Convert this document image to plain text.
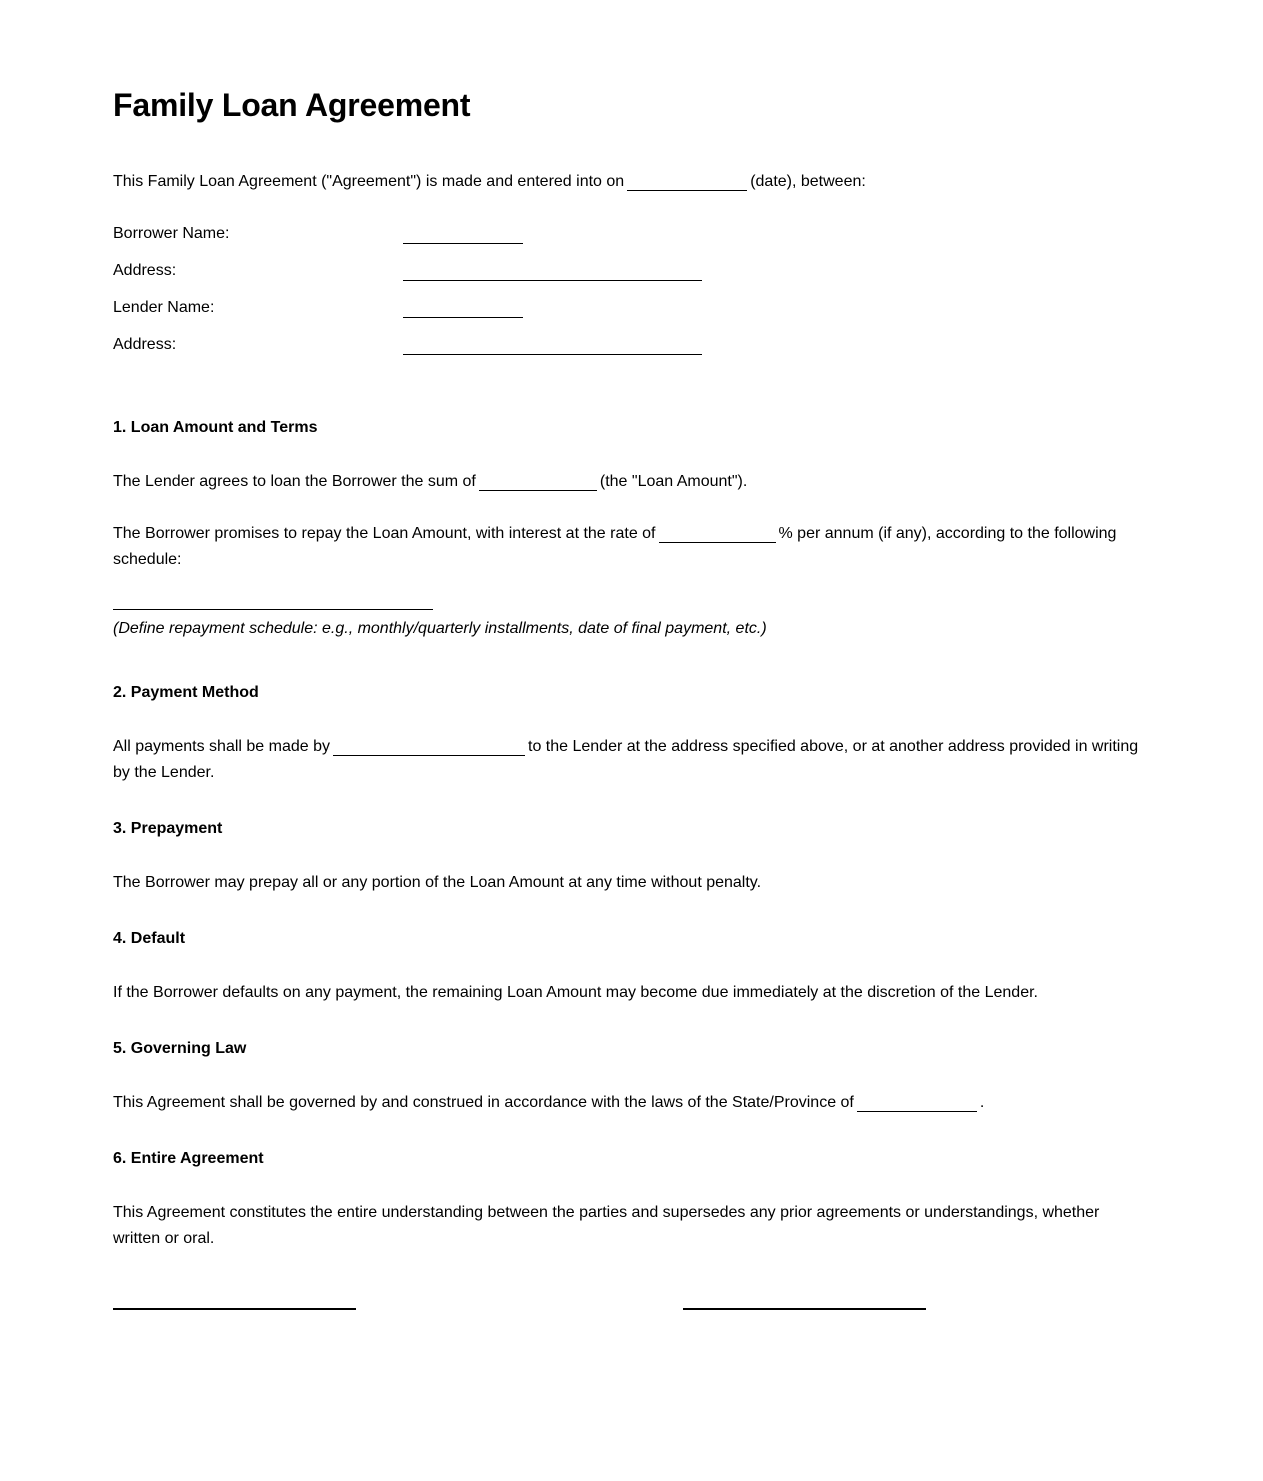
Family Loan Agreement

This Family Loan Agreement ("Agreement") is made and entered into on	(date), between:

Borrower Name:
Address:
Lender Name:
Address:
1. Loan Amount and Terms

The Lender agrees to loan the Borrower the sum of	(the "Loan Amount").

The Borrower promises to repay the Loan Amount, with interest at the rate of	% per annum (if any), according to the following schedule:

(Define repayment schedule: e.g., monthly/quarterly installments, date of final payment, etc.)

2. Payment Method

All payments shall be made by	to the Lender at the address specified above, or at another address provided in writing by the Lender.

3. Prepayment

The Borrower may prepay all or any portion of the Loan Amount at any time without penalty.

4. Default

If the Borrower defaults on any payment, the remaining Loan Amount may become due immediately at the discretion of the Lender.

5. Governing Law

This Agreement shall be governed by and construed in accordance with the laws of the State/Province of	.

6. Entire Agreement

This Agreement constitutes the entire understanding between the parties and supersedes any prior agreements or understandings, whether written or oral.
